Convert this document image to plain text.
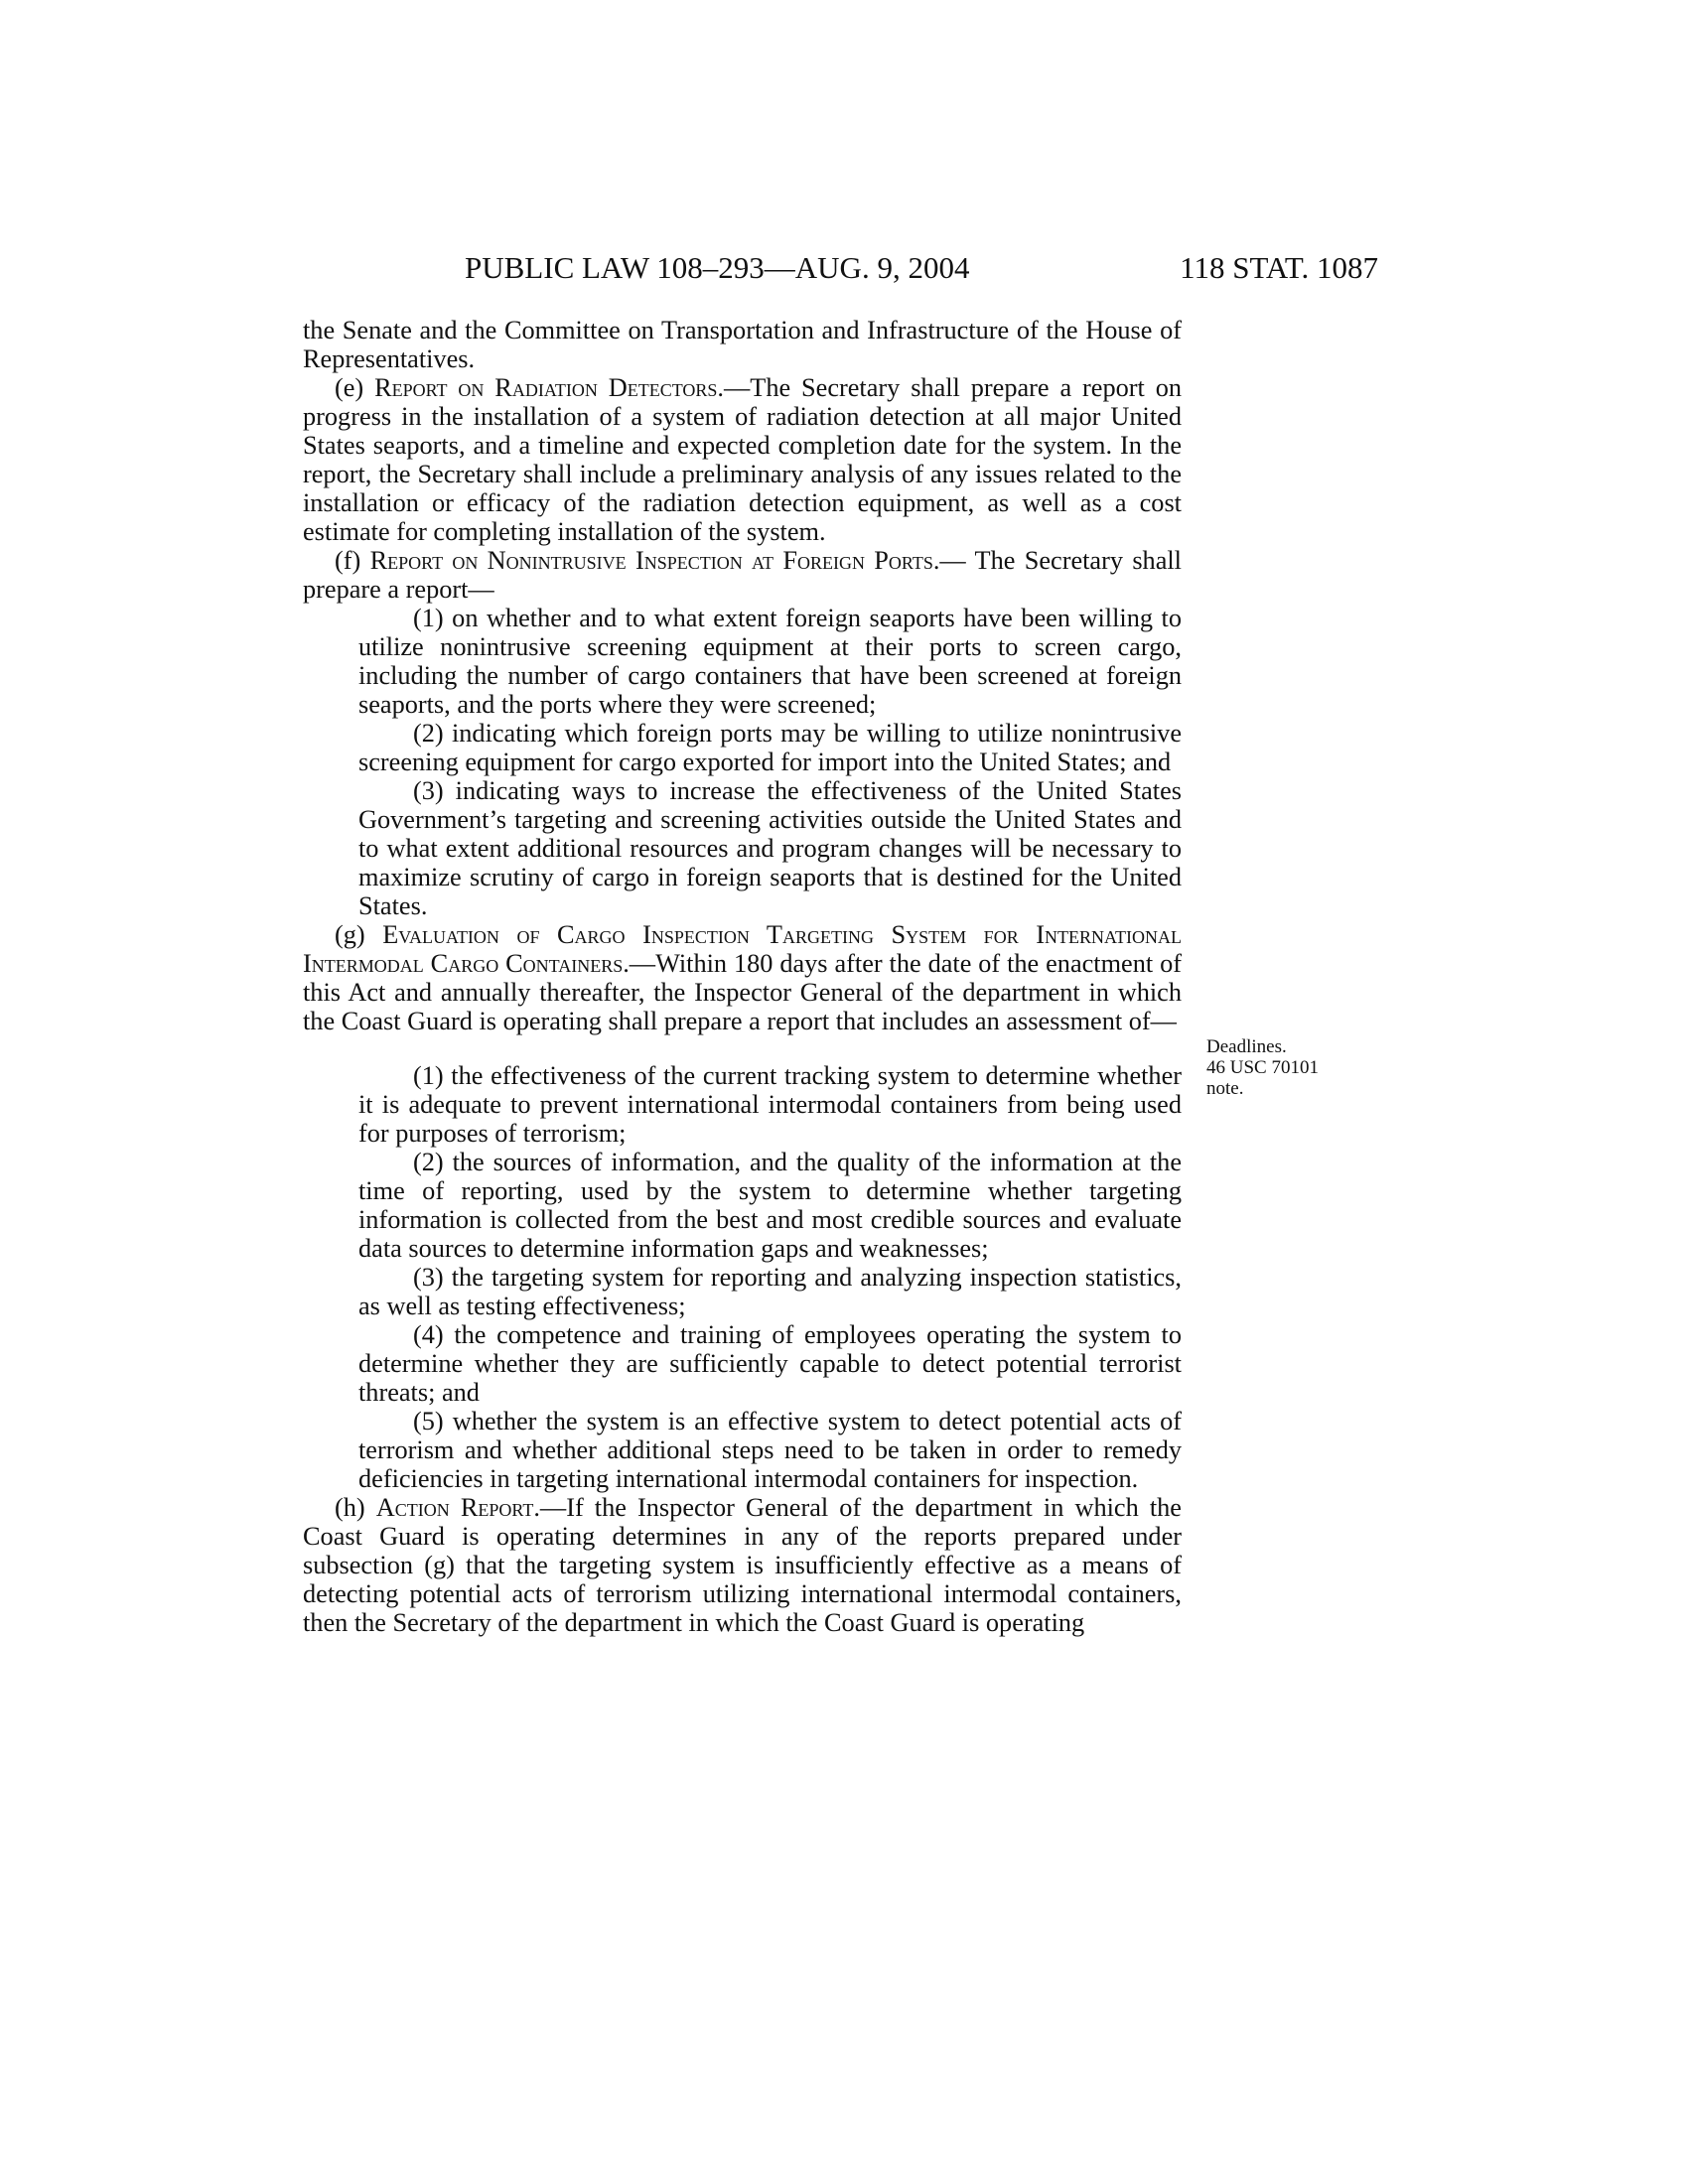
PUBLIC LAW 108–293—AUG. 9, 2004	118 STAT. 1087
Deadlines.
46 USC 70101
note.

the Senate and the Committee on Transportation and Infrastructure of the House of Representatives.

(e) Report on Radiation Detectors.—The Secretary shall prepare a report on progress in the installation of a system of radiation detection at all major United States seaports, and a timeline and expected completion date for the system. In the report, the Secretary shall include a preliminary analysis of any issues related to the installation or efficacy of the radiation detection equipment, as well as a cost estimate for completing installation of the system.

(f) Report on Nonintrusive Inspection at Foreign Ports.— The Secretary shall prepare a report—

(1) on whether and to what extent foreign seaports have been willing to utilize nonintrusive screening equipment at their ports to screen cargo, including the number of cargo containers that have been screened at foreign seaports, and the ports where they were screened;

(2) indicating which foreign ports may be willing to utilize nonintrusive screening equipment for cargo exported for import into the United States; and

(3) indicating ways to increase the effectiveness of the United States Government’s targeting and screening activities outside the United States and to what extent additional resources and program changes will be necessary to maximize scrutiny of cargo in foreign seaports that is destined for the United States.

(g) Evaluation of Cargo Inspection Targeting System for International Intermodal Cargo Containers.—Within 180 days after the date of the enactment of this Act and annually thereafter, the Inspector General of the department in which the Coast Guard is operating shall prepare a report that includes an assessment of—

(1) the effectiveness of the current tracking system to determine whether it is adequate to prevent international intermodal containers from being used for purposes of terrorism;

(2) the sources of information, and the quality of the information at the time of reporting, used by the system to determine whether targeting information is collected from the best and most credible sources and evaluate data sources to determine information gaps and weaknesses;

(3) the targeting system for reporting and analyzing inspection statistics, as well as testing effectiveness;

(4) the competence and training of employees operating the system to determine whether they are sufficiently capable to detect potential terrorist threats; and

(5) whether the system is an effective system to detect potential acts of terrorism and whether additional steps need to be taken in order to remedy deficiencies in targeting international intermodal containers for inspection.

(h) Action Report.—If the Inspector General of the department in which the Coast Guard is operating determines in any of the reports prepared under subsection (g) that the targeting system is insufficiently effective as a means of detecting potential acts of terrorism utilizing international intermodal containers, then the Secretary of the department in which the Coast Guard is operating
